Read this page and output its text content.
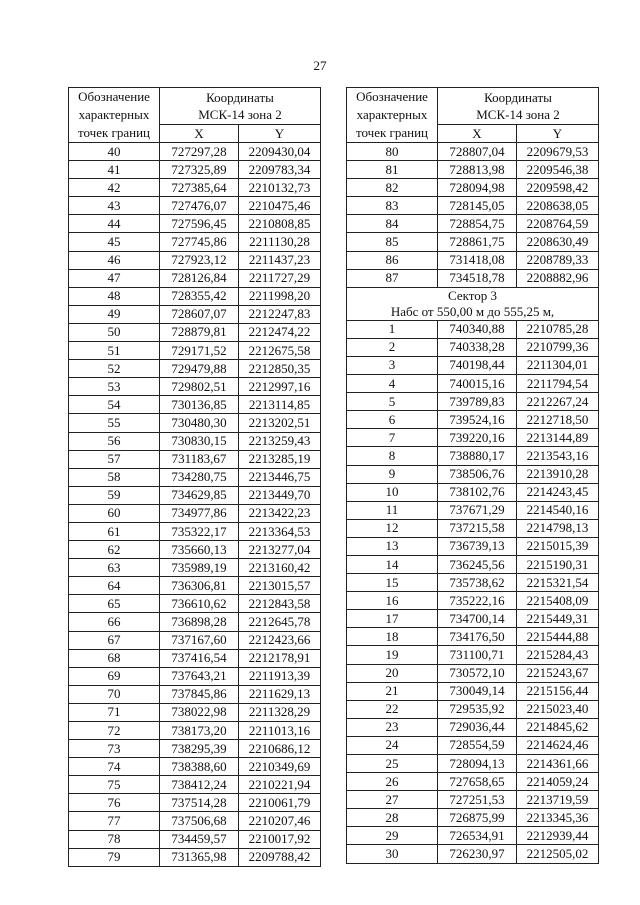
27
Обозначение
характерных
точек границ	Координаты
МСК-14 зона 2	
	X	Y
40	727297,28	2209430,04
41	727325,89	2209783,34
42	727385,64	2210132,73
43	727476,07	2210475,46
44	727596,45	2210808,85
45	727745,86	2211130,28
46	727923,12	2211437,23
47	728126,84	2211727,29
48	728355,42	2211998,20
49	728607,07	2212247,83
50	728879,81	2212474,22
51	729171,52	2212675,58
52	729479,88	2212850,35
53	729802,51	2212997,16
54	730136,85	2213114,85
55	730480,30	2213202,51
56	730830,15	2213259,43
57	731183,67	2213285,19
58	734280,75	2213446,75
59	734629,85	2213449,70
60	734977,86	2213422,23
61	735322,17	2213364,53
62	735660,13	2213277,04
63	735989,19	2213160,42
64	736306,81	2213015,57
65	736610,62	2212843,58
66	736898,28	2212645,78
67	737167,60	2212423,66
68	737416,54	2212178,91
69	737643,21	2211913,39
70	737845,86	2211629,13
71	738022,98	2211328,29
72	738173,20	2211013,16
73	738295,39	2210686,12
74	738388,60	2210349,69
75	738412,24	2210221,94
76	737514,28	2210061,79
77	737506,68	2210207,46
78	734459,57	2210017,92
79	731365,98	2209788,42
Обозначение
характерных
точек границ	Координаты
МСК-14 зона 2	
	X	Y
80	728807,04	2209679,53
81	728813,98	2209546,38
82	728094,98	2209598,42
83	728145,05	2208638,05
84	728854,75	2208764,59
85	728861,75	2208630,49
86	731418,08	2208789,33
87	734518,78	2208882,96
Сектор 3
Набс от 550,00 м до 555,25 м,		
1	740340,88	2210785,28
2	740338,28	2210799,36
3	740198,44	2211304,01
4	740015,16	2211794,54
5	739789,83	2212267,24
6	739524,16	2212718,50
7	739220,16	2213144,89
8	738880,17	2213543,16
9	738506,76	2213910,28
10	738102,76	2214243,45
11	737671,29	2214540,16
12	737215,58	2214798,13
13	736739,13	2215015,39
14	736245,56	2215190,31
15	735738,62	2215321,54
16	735222,16	2215408,09
17	734700,14	2215449,31
18	734176,50	2215444,88
19	731100,71	2215284,43
20	730572,10	2215243,67
21	730049,14	2215156,44
22	729535,92	2215023,40
23	729036,44	2214845,62
24	728554,59	2214624,46
25	728094,13	2214361,66
26	727658,65	2214059,24
27	727251,53	2213719,59
28	726875,99	2213345,36
29	726534,91	2212939,44
30	726230,97	2212505,02
